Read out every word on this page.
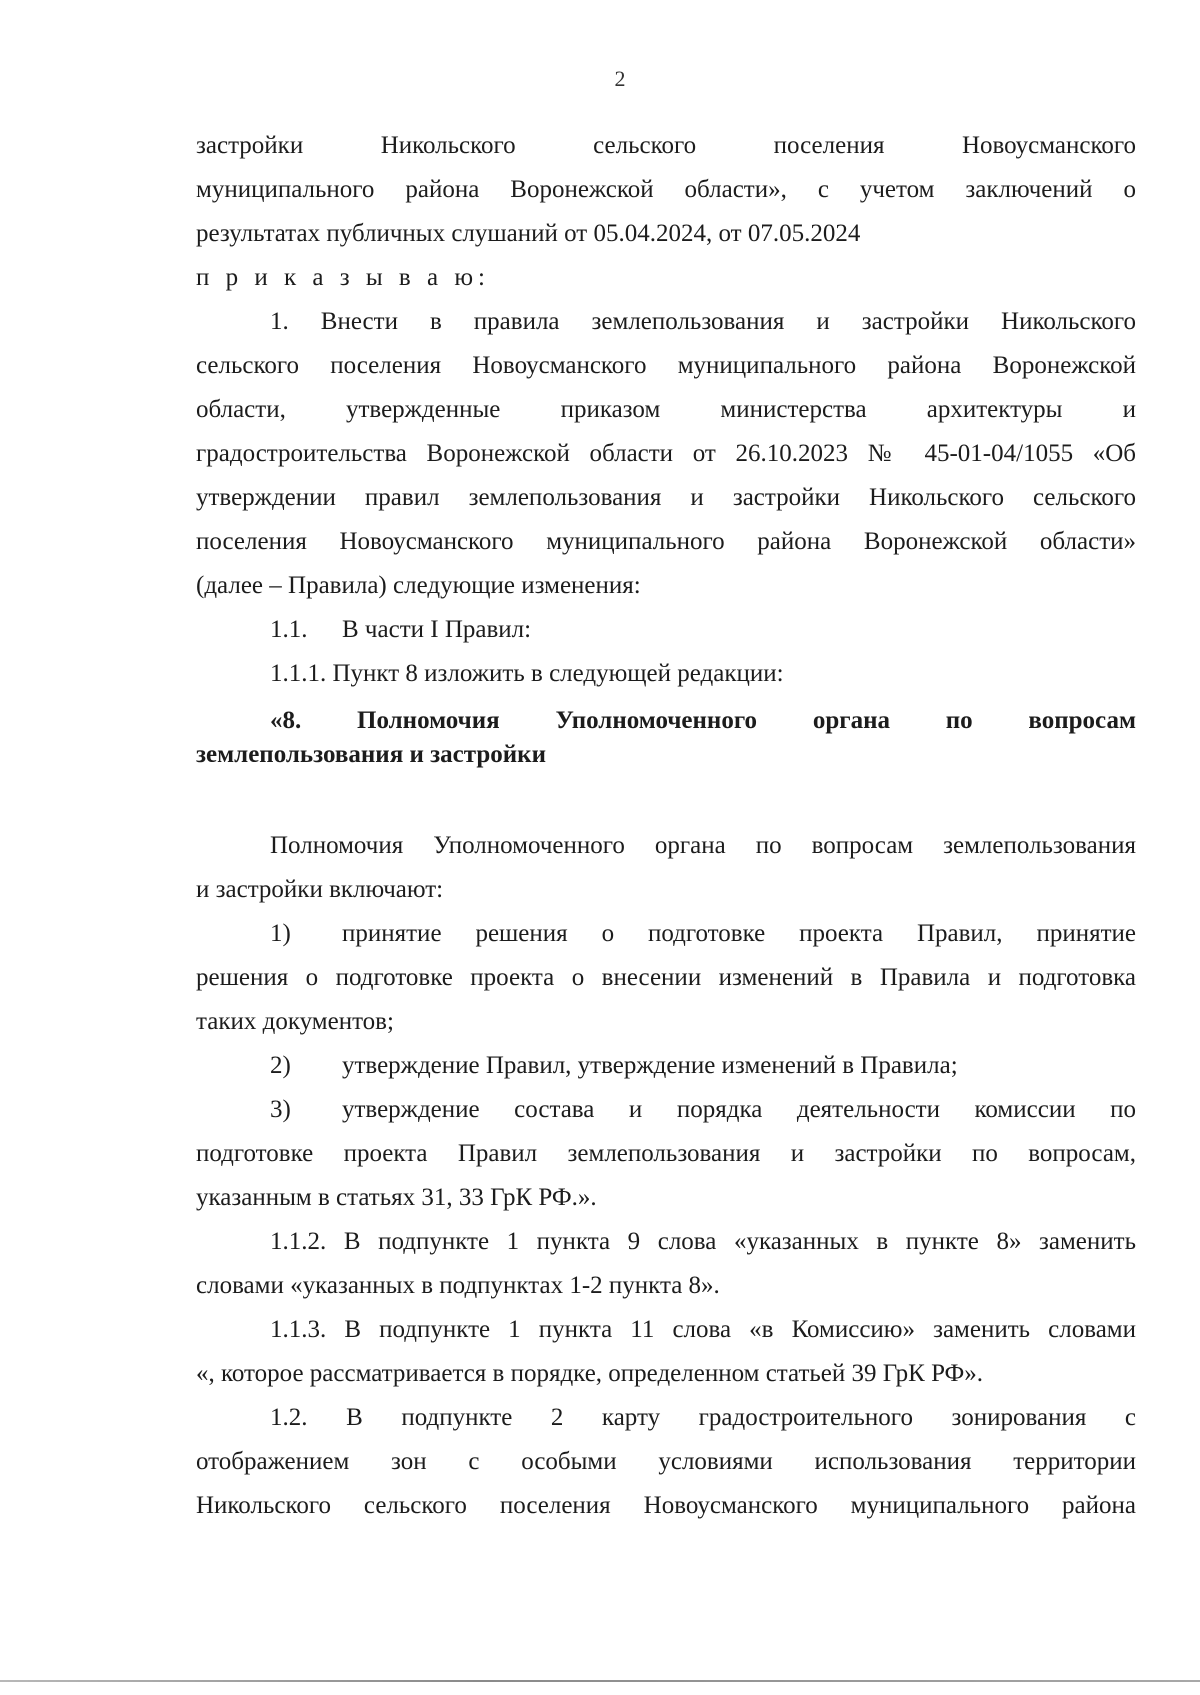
2
застройки Никольского сельского поселения Новоусманского
муниципального района Воронежской области», с учетом заключений о
результатах публичных слушаний от 05.04.2024, от 07.05.2024
п р и к а з ы в а ю:
1. Внести в правила землепользования и застройки Никольского
сельского поселения Новоусманского муниципального района Воронежской
области, утвержденные приказом министерства архитектуры и
градостроительства Воронежской области от 26.10.2023 № 45-01-04/1055 «Об
утверждении правил землепользования и застройки Никольского сельского
поселения Новоусманского муниципального района Воронежской области»
(далее – Правила) следующие изменения:
1.1.	В части I Правил:
1.1.1. Пункт 8 изложить в следующей редакции:
«8. Полномочия Уполномоченного органа по вопросам
землепользования и застройки
Полномочия Уполномоченного органа по вопросам землепользования
и застройки включают:
1)	принятие решения о подготовке проекта Правил, принятие
решения о подготовке проекта о внесении изменений в Правила и подготовка
таких документов;
2)	утверждение Правил, утверждение изменений в Правила;
3)	утверждение состава и порядка деятельности комиссии по
подготовке проекта Правил землепользования и застройки по вопросам,
указанным в статьях 31, 33 ГрК РФ.».
1.1.2. В подпункте 1 пункта 9 слова «указанных в пункте 8» заменить
словами «указанных в подпунктах 1-2 пункта 8».
1.1.3. В подпункте 1 пункта 11 слова «в Комиссию» заменить словами
«, которое рассматривается в порядке, определенном статьей 39 ГрК РФ».
1.2. В подпункте 2 карту градостроительного зонирования с
отображением зон с особыми условиями использования территории
Никольского сельского поселения Новоусманского муниципального района
